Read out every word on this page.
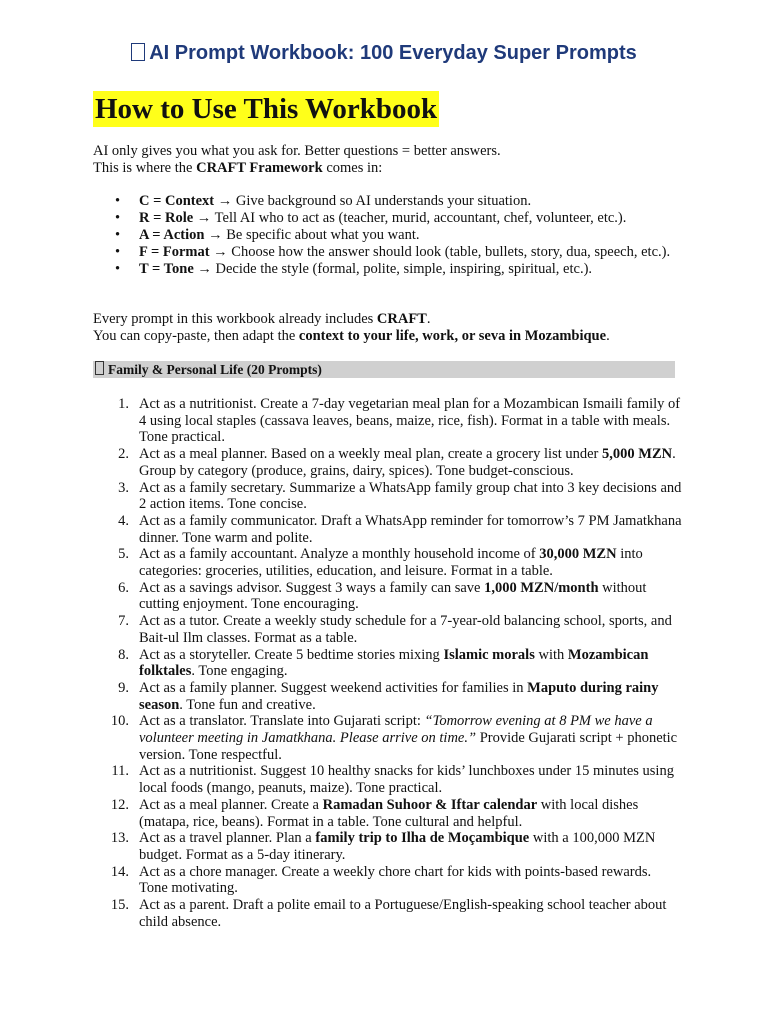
AI Prompt Workbook: 100 Everyday Super Prompts
How to Use This Workbook
AI only gives you what you ask for. Better questions = better answers.
This is where the CRAFT Framework comes in:
• C = Context → Give background so AI understands your situation.
• R = Role → Tell AI who to act as (teacher, murid, accountant, chef, volunteer, etc.).
• A = Action → Be specific about what you want.
• F = Format → Choose how the answer should look (table, bullets, story, dua, speech, etc.).
• T = Tone → Decide the style (formal, polite, simple, inspiring, spiritual, etc.).
Every prompt in this workbook already includes CRAFT.
You can copy-paste, then adapt the context to your life, work, or seva in Mozambique.
Family & Personal Life (20 Prompts)
1. Act as a nutritionist. Create a 7-day vegetarian meal plan for a Mozambican Ismaili family of 4 using local staples (cassava leaves, beans, maize, rice, fish). Format in a table with meals. Tone practical.
2. Act as a meal planner. Based on a weekly meal plan, create a grocery list under 5,000 MZN. Group by category (produce, grains, dairy, spices). Tone budget-conscious.
3. Act as a family secretary. Summarize a WhatsApp family group chat into 3 key decisions and 2 action items. Tone concise.
4. Act as a family communicator. Draft a WhatsApp reminder for tomorrow’s 7 PM Jamatkhana dinner. Tone warm and polite.
5. Act as a family accountant. Analyze a monthly household income of 30,000 MZN into categories: groceries, utilities, education, and leisure. Format in a table.
6. Act as a savings advisor. Suggest 3 ways a family can save 1,000 MZN/month without cutting enjoyment. Tone encouraging.
7. Act as a tutor. Create a weekly study schedule for a 7-year-old balancing school, sports, and Bait-ul Ilm classes. Format as a table.
8. Act as a storyteller. Create 5 bedtime stories mixing Islamic morals with Mozambican folktales. Tone engaging.
9. Act as a family planner. Suggest weekend activities for families in Maputo during rainy season. Tone fun and creative.
10. Act as a translator. Translate into Gujarati script: “Tomorrow evening at 8 PM we have a volunteer meeting in Jamatkhana. Please arrive on time.” Provide Gujarati script + phonetic version. Tone respectful.
11. Act as a nutritionist. Suggest 10 healthy snacks for kids’ lunchboxes under 15 minutes using local foods (mango, peanuts, maize). Tone practical.
12. Act as a meal planner. Create a Ramadan Suhoor & Iftar calendar with local dishes (matapa, rice, beans). Format in a table. Tone cultural and helpful.
13. Act as a travel planner. Plan a family trip to Ilha de Moçambique with a 100,000 MZN budget. Format as a 5-day itinerary.
14. Act as a chore manager. Create a weekly chore chart for kids with points-based rewards. Tone motivating.
15. Act as a parent. Draft a polite email to a Portuguese/English-speaking school teacher about child absence.
